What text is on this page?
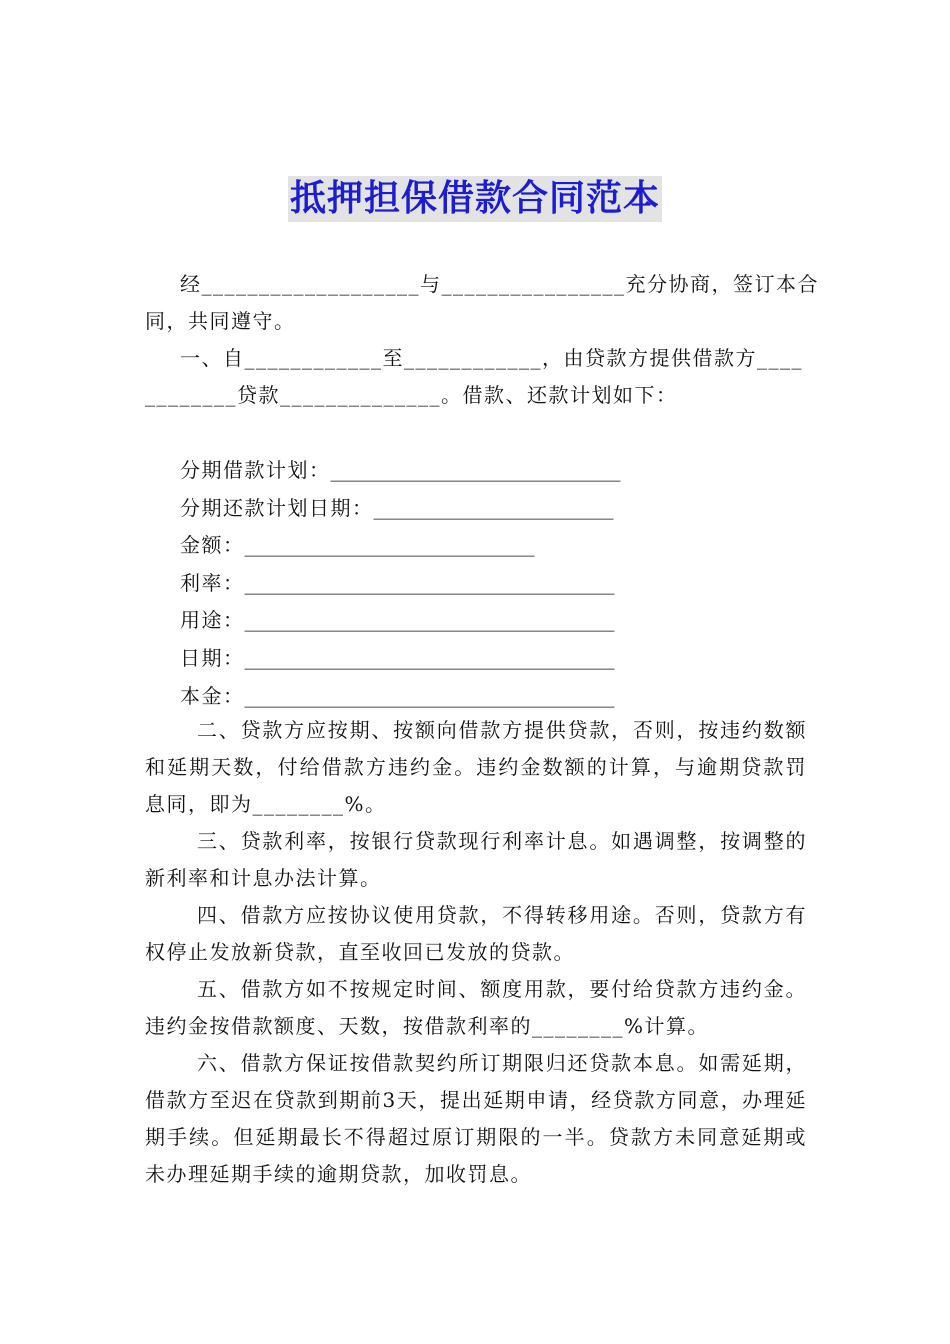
抵押担保借款合同范本
经___________________与________________充分协商，签订本合
同，共同遵守。
一、自____________至____________，由贷款方提供借款方____
________贷款______________。借款、还款计划如下：
分期借款计划：_____________________________
分期还款计划日期：________________________
金额：_____________________________
利率：_____________________________________
用途：_____________________________________
日期：_____________________________________
本金：_____________________________________

二、贷款方应按期、按额向借款方提供贷款，否则，按违约数额和延期天数，付给借款方违约金。违约金数额的计算，与逾期贷款罚息同，即为________%。

三、贷款利率，按银行贷款现行利率计息。如遇调整，按调整的新利率和计息办法计算。

四、借款方应按协议使用贷款，不得转移用途。否则，贷款方有权停止发放新贷款，直至收回已发放的贷款。

五、借款方如不按规定时间、额度用款，要付给贷款方违约金。违约金按借款额度、天数，按借款利率的________%计算。

六、借款方保证按借款契约所订期限归还贷款本息。如需延期，借款方至迟在贷款到期前3天，提出延期申请，经贷款方同意，办理延期手续。但延期最长不得超过原订期限的一半。贷款方未同意延期或未办理延期手续的逾期贷款，加收罚息。
